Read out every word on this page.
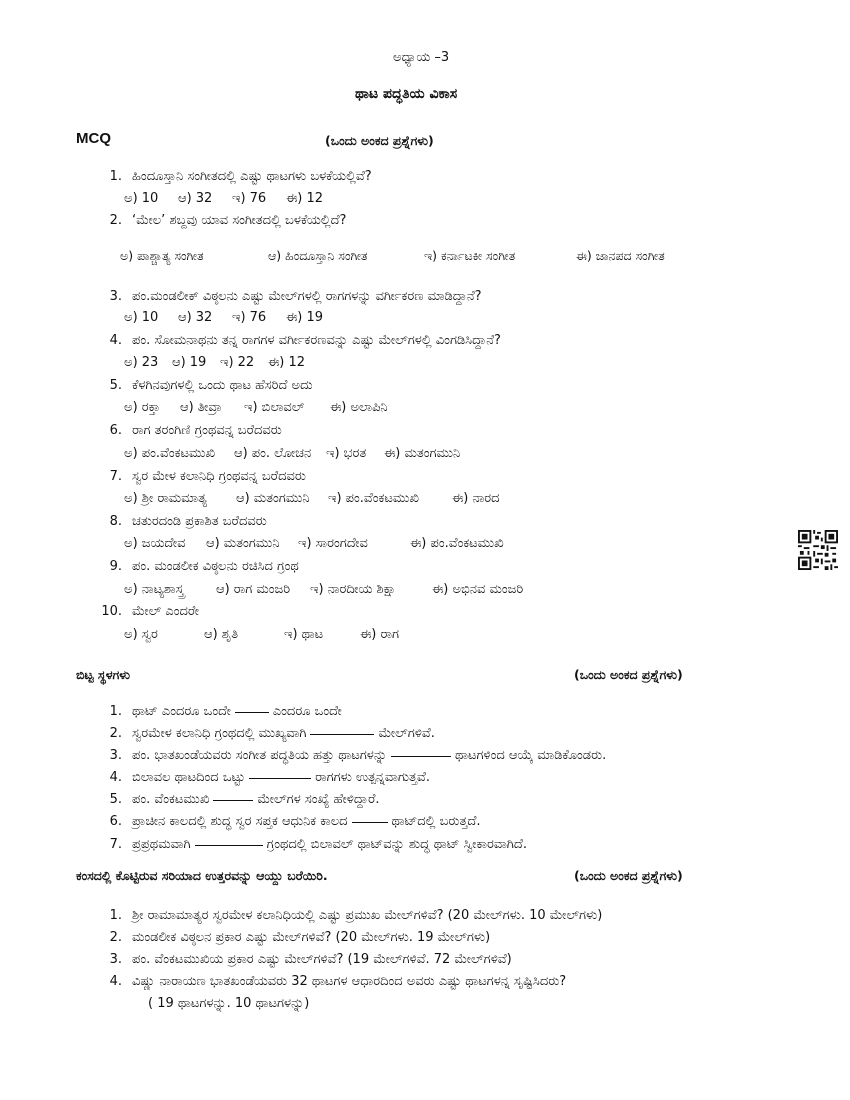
ಅಧ್ಯಾಯ –3
ಥಾಟ ಪದ್ಧತಿಯ ವಿಕಾಸ
MCQ	(ಒಂದು ಅಂಕದ ಪ್ರಶ್ನೆಗಳು)
1. ಹಿಂದೂಸ್ತಾನಿ ಸಂಗೀತದಲ್ಲಿ ಎಷ್ಟು ಥಾಟಗಳು ಬಳಕೆಯಲ್ಲಿವೆ?
ಅ) 10 ಆ) 32 ಇ) 76 ಈ) 12
2. ‘ಮೇಲ’ ಶಬ್ದವು ಯಾವ ಸಂಗೀತದಲ್ಲಿ ಬಳಕೆಯಲ್ಲಿದೆ?
ಅ) ಪಾಶ್ಚಾತ್ಯ ಸಂಗೀತ	ಆ) ಹಿಂದೂಸ್ತಾನಿ ಸಂಗೀತ	ಇ) ಕರ್ನಾಟಕೀ ಸಂಗೀತ	ಈ) ಜಾನಪದ ಸಂಗೀತ
3. ಪಂ.ಮಂಡಲೀಕ್ ವಿಠ್ಠಲನು ಎಷ್ಟು ಮೇಲ್‌ಗಳಲ್ಲಿ ರಾಗಗಳನ್ನು ವರ್ಗೀಕರಣ ಮಾಡಿದ್ದಾನೆ?
ಅ) 10 ಆ) 32 ಇ) 76 ಈ) 19
4. ಪಂ. ಸೋಮನಾಥನು ತನ್ನ ರಾಗಗಳ ವರ್ಗೀಕರಣವನ್ನು ಎಷ್ಟು ಮೇಲ್‌ಗಳಲ್ಲಿ ವಿಂಗಡಿಸಿದ್ದಾನೆ?
ಅ) 23 ಆ) 19 ಇ) 22 ಈ) 12
5. ಕೆಳಗಿನವುಗಳಲ್ಲಿ ಒಂದು ಥಾಟ ಹೆಸರಿದೆ ಅದು
ಅ) ರಕ್ತಾ ಆ) ತೀವ್ರಾ ಇ) ಬಿಲಾವಲ್ ಈ) ಅಲಾಪಿನಿ
6. ರಾಗ ತರಂಗಿಣಿ ಗ್ರಂಥವನ್ನ ಬರೆದವರು
ಅ) ಪಂ.ವೆಂಕಟಮುಖಿ ಆ) ಪಂ. ಲೋಚನ ಇ) ಭರತ ಈ) ಮತಂಗಮುನಿ
7. ಸ್ವರ ಮೇಳ ಕಲಾನಿಧಿ ಗ್ರಂಥವನ್ನ ಬರೆದವರು
ಅ) ಶ್ರೀ ರಾಮಮಾತ್ಯ ಆ) ಮತಂಗಮುನಿ ಇ) ಪಂ.ವೆಂಕಟಮುಖಿ	ಈ) ನಾರದ
8. ಚತುರದಂಡಿ ಪ್ರಕಾಶಿತ ಬರೆದವರು
ಅ) ಜಯದೇವ ಆ) ಮತಂಗಮುನಿ ಇ) ಸಾರಂಗದೇವ	ಈ) ಪಂ.ವೆಂಕಟಮುಖಿ
9. ಪಂ. ಮಂಡಲೀಕ ವಿಠ್ಠಲನು ರಚಿಸಿದ ಗ್ರಂಥ
ಅ) ನಾಟ್ಯಶಾಸ್ತ್ರ ಆ) ರಾಗ ಮಂಜರಿ ಇ) ನಾರದೀಯ ಶಿಕ್ಷಾ	ಈ) ಅಭಿನವ ಮಂಜರಿ
10. ಮೇಲ್ ಎಂದರೇ
ಅ) ಸ್ವರ	ಆ) ಶೃತಿ	ಇ) ಥಾಟ	ಈ) ರಾಗ
ಬಿಟ್ಟ ಸ್ಥಳಗಳು	(ಒಂದು ಅಂಕದ ಪ್ರಶ್ನೆಗಳು)
1. ಥಾಟ್ ಎಂದರೂ ಒಂದೇ	ಎಂದರೂ ಒಂದೇ
2. ಸ್ವರಮೇಳ ಕಲಾನಿಧಿ ಗ್ರಂಥದಲ್ಲಿ ಮುಖ್ಯವಾಗಿ	ಮೇಲ್‌ಗಳಿವೆ.
3. ಪಂ. ಭಾತಖಂಡೆಯವರು ಸಂಗೀತ ಪದ್ಧತಿಯ ಹತ್ತು ಥಾಟಗಳನ್ನು	ಥಾಟಗಳಿಂದ ಆಯ್ಕೆ ಮಾಡಿಕೊಂಡರು.
4. ಬಿಲಾವಲ ಥಾಟದಿಂದ ಒಟ್ಟು	ರಾಗಗಳು ಉತ್ಪನ್ನವಾಗುತ್ತವೆ.
5. ಪಂ. ವೆಂಕಟಮುಖಿ	ಮೇಲ್‌ಗಳ ಸಂಖ್ಯೆ ಹೇಳಿದ್ದಾರೆ.
6. ಪ್ರಾಚೀನ ಕಾಲದಲ್ಲಿ ಶುದ್ಧ ಸ್ವರ ಸಪ್ತಕ ಆಧುನಿಕ ಕಾಲದ	ಥಾಟ್‌ದಲ್ಲಿ ಬರುತ್ತದೆ.
7. ಪ್ರಪ್ರಥಮವಾಗಿ	ಗ್ರಂಥದಲ್ಲಿ ಬಿಲಾವಲ್ ಥಾಟ್‌ವನ್ನು ಶುದ್ಧ ಥಾಟ್ ಸ್ವೀಕಾರವಾಗಿದೆ.
ಕಂಸದಲ್ಲಿ ಕೊಟ್ಟಿರುವ ಸರಿಯಾದ ಉತ್ತರವನ್ನು ಆಯ್ದು ಬರೆಯಿರಿ.	(ಒಂದು ಅಂಕದ ಪ್ರಶ್ನೆಗಳು)
1. ಶ್ರೀ ರಾಮಾಮಾತ್ಯರ ಸ್ವರಮೇಳ ಕಲಾನಿಧಿಯಲ್ಲಿ ಎಷ್ಟು ಪ್ರಮುಖ ಮೇಲ್‌ಗಳಿವೆ? (20 ಮೇಲ್‌ಗಳು. 10 ಮೇಲ್‌ಗಳು)
2. ಮಂಡಲೀಕ ವಿಠ್ಠಲನ ಪ್ರಕಾರ ಎಷ್ಟು ಮೇಲ್‌ಗಳಿವೆ? (20 ಮೇಲ್‌ಗಳು. 19 ಮೇಲ್‌ಗಳು)
3. ಪಂ. ವೆಂಕಟಮುಖಿಯ ಪ್ರಕಾರ ಎಷ್ಟು ಮೇಲ್‌ಗಳಿವೆ? (19 ಮೇಲ್‌ಗಳಿವೆ. 72 ಮೇಲ್‌ಗಳಿವೆ)
4. ವಿಷ್ಣು ನಾರಾಯಣ ಭಾತಖಂಡೆಯವರು 32 ಥಾಟಗಳ ಆಧಾರದಿಂದ ಅವರು ಎಷ್ಟು ಥಾಟಗಳನ್ನ ಸೃಷ್ಟಿಸಿದರು?
( 19 ಥಾಟಗಳನ್ನು. 10 ಥಾಟಗಳನ್ನು)
